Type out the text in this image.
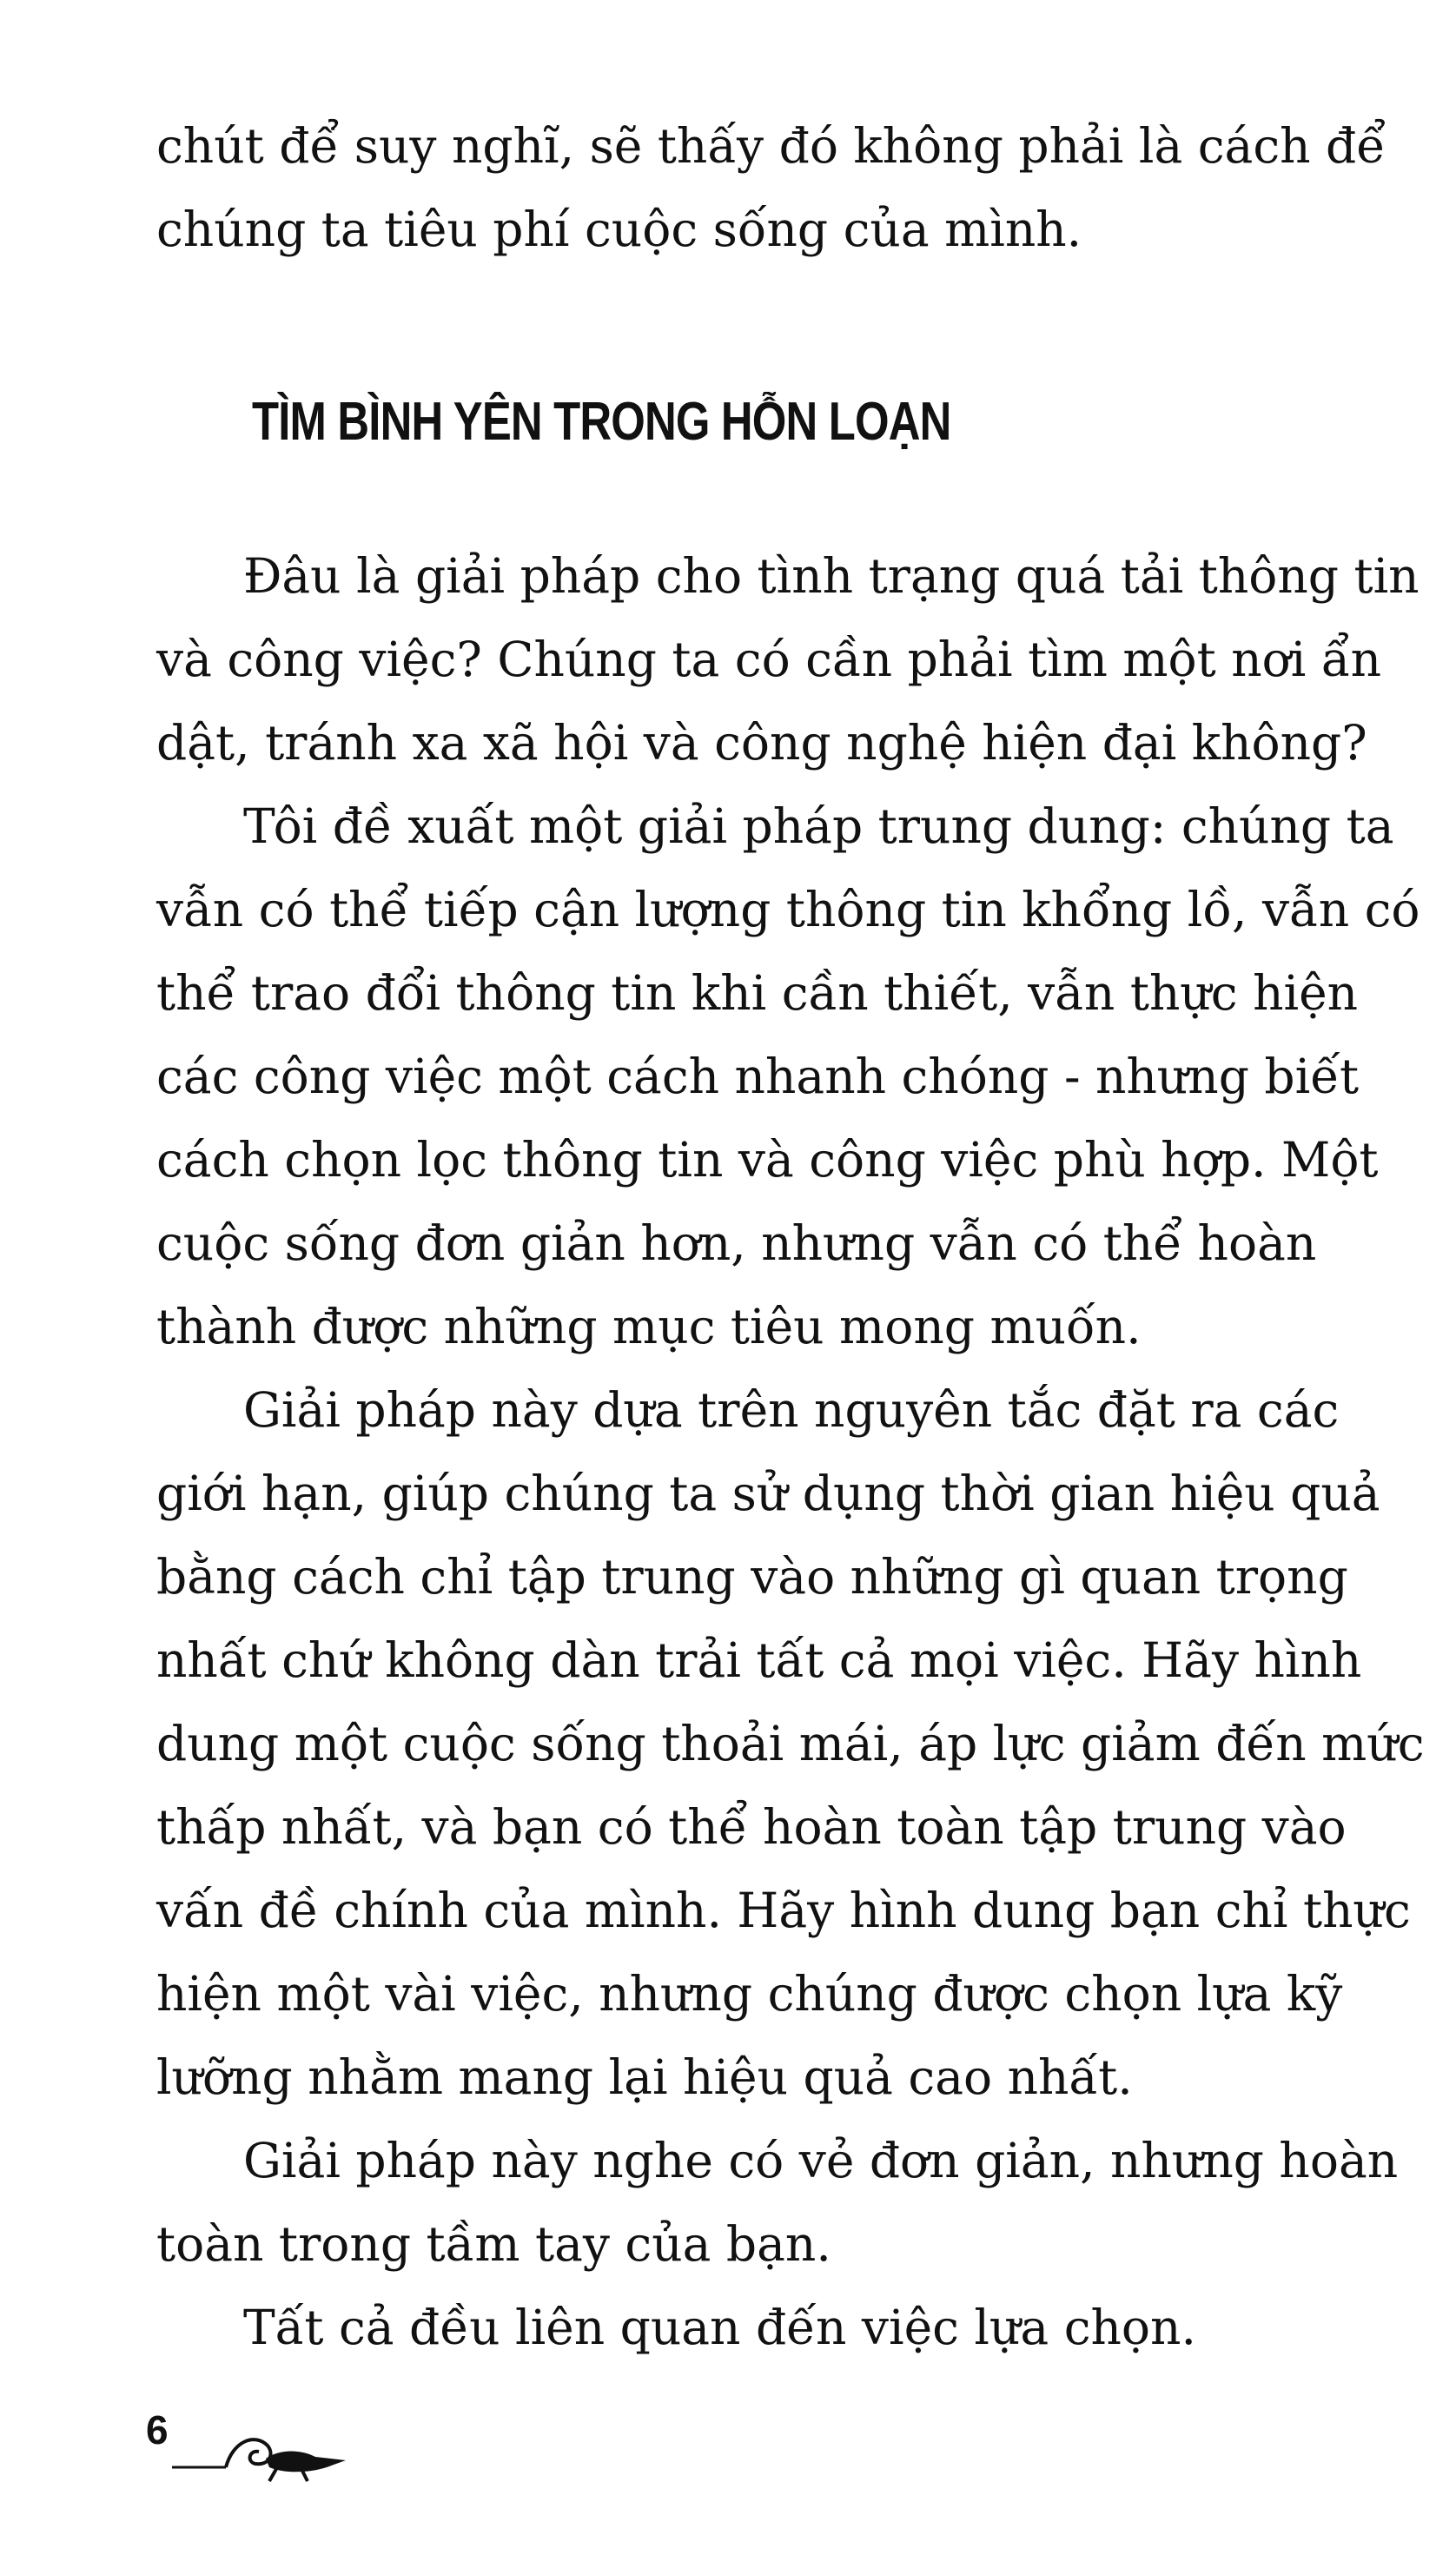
chút để suy nghĩ, sẽ thấy đó không phải là cách để
chúng ta tiêu phí cuộc sống của mình.

TÌM BÌNH YÊN TRONG HỖN LOẠN

Đâu là giải pháp cho tình trạng quá tải thông tin
và công việc? Chúng ta có cần phải tìm một nơi ẩn
dật, tránh xa xã hội và công nghệ hiện đại không?

Tôi đề xuất một giải pháp trung dung: chúng ta
vẫn có thể tiếp cận lượng thông tin khổng lồ, vẫn có
thể trao đổi thông tin khi cần thiết, vẫn thực hiện
các công việc một cách nhanh chóng - nhưng biết
cách chọn lọc thông tin và công việc phù hợp. Một
cuộc sống đơn giản hơn, nhưng vẫn có thể hoàn
thành được những mục tiêu mong muốn.

Giải pháp này dựa trên nguyên tắc đặt ra các
giới hạn, giúp chúng ta sử dụng thời gian hiệu quả
bằng cách chỉ tập trung vào những gì quan trọng
nhất chứ không dàn trải tất cả mọi việc. Hãy hình
dung một cuộc sống thoải mái, áp lực giảm đến mức
thấp nhất, và bạn có thể hoàn toàn tập trung vào
vấn đề chính của mình. Hãy hình dung bạn chỉ thực
hiện một vài việc, nhưng chúng được chọn lựa kỹ
lưỡng nhằm mang lại hiệu quả cao nhất.

Giải pháp này nghe có vẻ đơn giản, nhưng hoàn
toàn trong tầm tay của bạn.

Tất cả đều liên quan đến việc lựa chọn.

6
